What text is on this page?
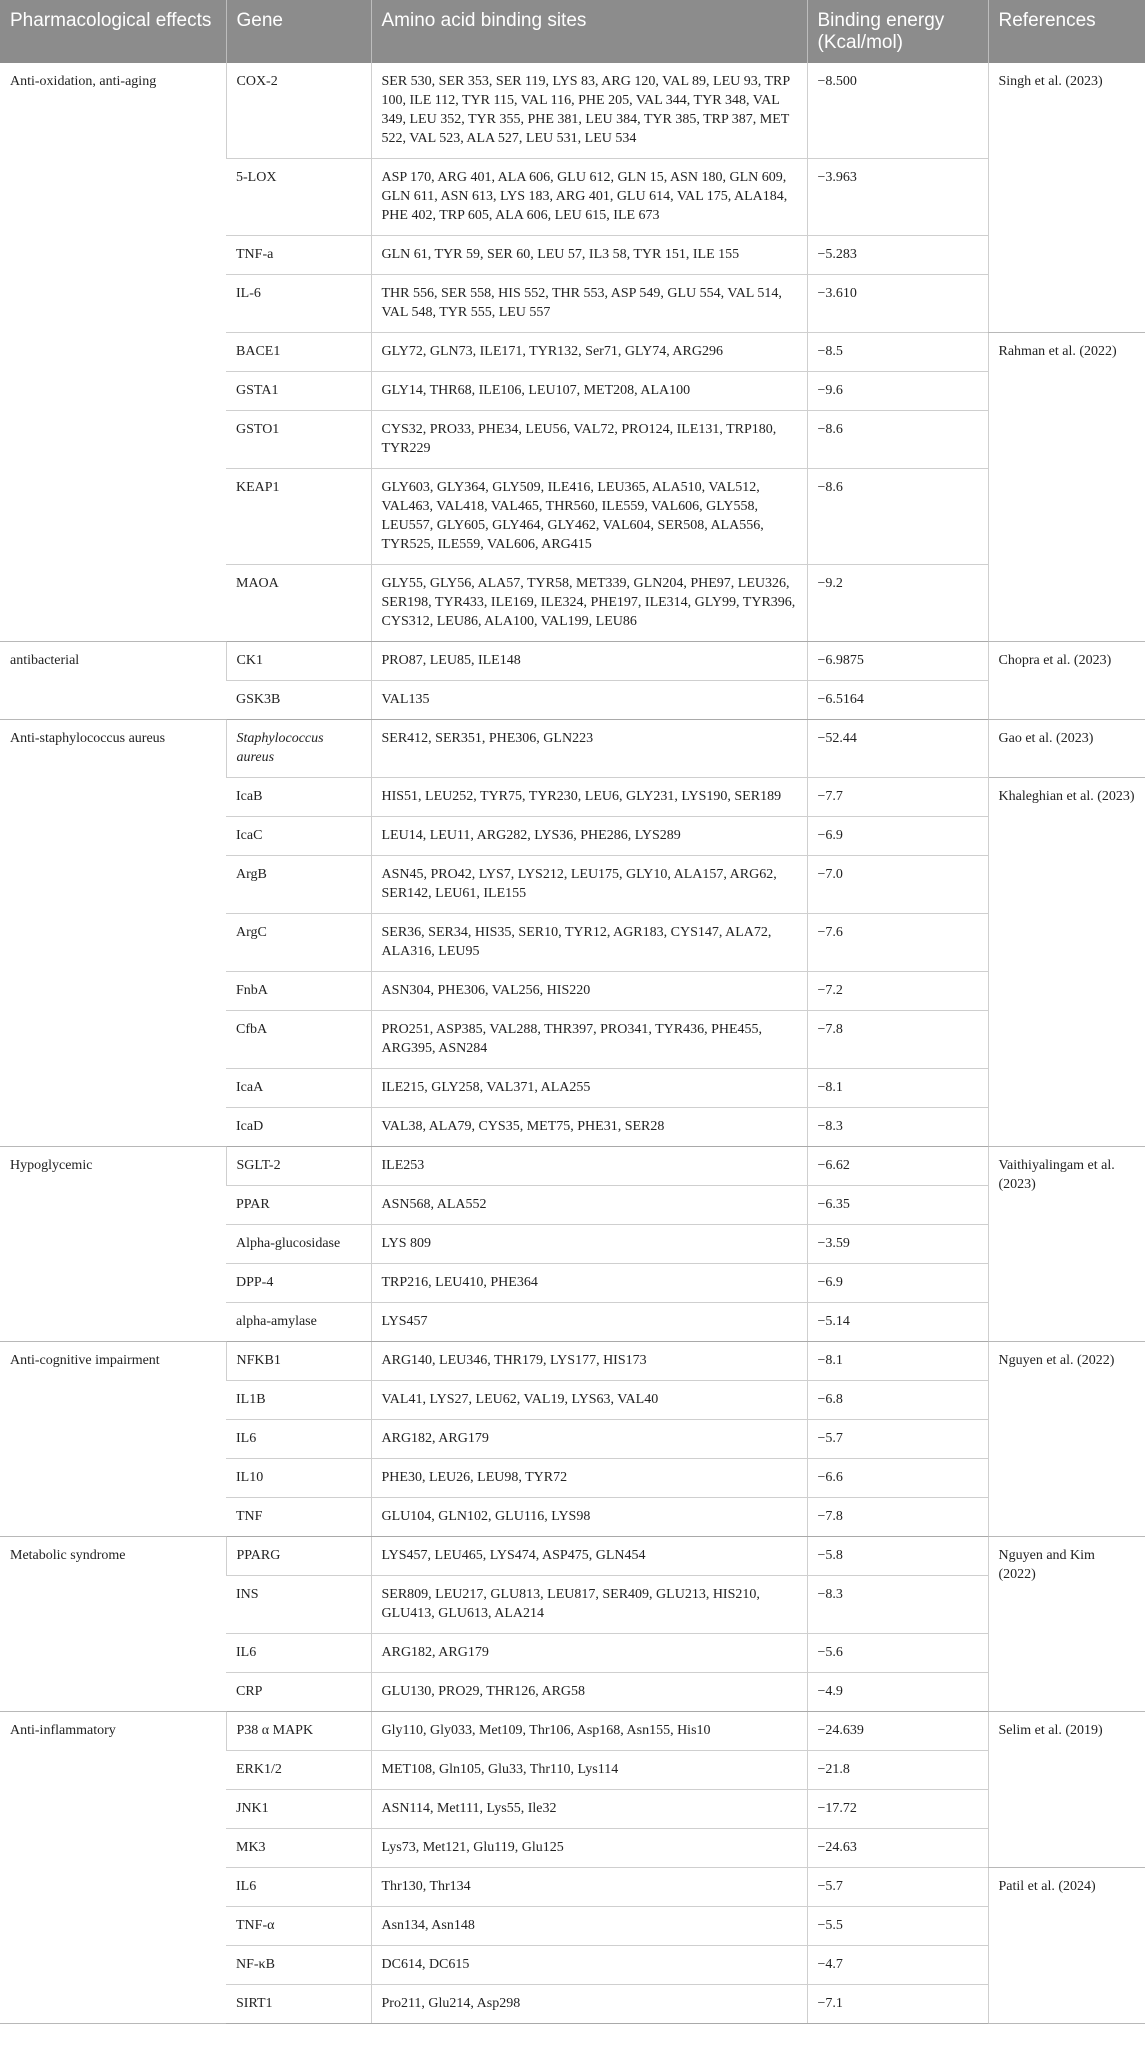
Pharmacological effects	Gene	Amino acid binding sites	Binding energy (Kcal/mol)	References
Anti-oxidation, anti-aging	COX-2	SER 530, SER 353, SER 119, LYS 83, ARG 120, VAL 89, LEU 93, TRP 100, ILE 112, TYR 115, VAL 116, PHE 205, VAL 344, TYR 348, VAL 349, LEU 352, TYR 355, PHE 381, LEU 384, TYR 385, TRP 387, MET 522, VAL 523, ALA 527, LEU 531, LEU 534	−8.500	Singh et al. (2023)
	5-LOX	ASP 170, ARG 401, ALA 606, GLU 612, GLN 15, ASN 180, GLN 609, GLN 611, ASN 613, LYS 183, ARG 401, GLU 614, VAL 175, ALA184, PHE 402, TRP 605, ALA 606, LEU 615, ILE 673	−3.963	
	TNF-a	GLN 61, TYR 59, SER 60, LEU 57, IL3 58, TYR 151, ILE 155	−5.283	
	IL-6	THR 556, SER 558, HIS 552, THR 553, ASP 549, GLU 554, VAL 514, VAL 548, TYR 555, LEU 557	−3.610	
	BACE1	GLY72, GLN73, ILE171, TYR132, Ser71, GLY74, ARG296	−8.5	Rahman et al. (2022)
	GSTA1	GLY14, THR68, ILE106, LEU107, MET208, ALA100	−9.6	
	GSTO1	CYS32, PRO33, PHE34, LEU56, VAL72, PRO124, ILE131, TRP180, TYR229	−8.6	
	KEAP1	GLY603, GLY364, GLY509, ILE416, LEU365, ALA510, VAL512, VAL463, VAL418, VAL465, THR560, ILE559, VAL606, GLY558, LEU557, GLY605, GLY464, GLY462, VAL604, SER508, ALA556, TYR525, ILE559, VAL606, ARG415	−8.6	
	MAOA	GLY55, GLY56, ALA57, TYR58, MET339, GLN204, PHE97, LEU326, SER198, TYR433, ILE169, ILE324, PHE197, ILE314, GLY99, TYR396, CYS312, LEU86, ALA100, VAL199, LEU86	−9.2	
antibacterial	CK1	PRO87, LEU85, ILE148	−6.9875	Chopra et al. (2023)
	GSK3B	VAL135	−6.5164	
Anti-staphylococcus aureus	Staphylococcus aureus	SER412, SER351, PHE306, GLN223	−52.44	Gao et al. (2023)
	IcaB	HIS51, LEU252, TYR75, TYR230, LEU6, GLY231, LYS190, SER189	−7.7	Khaleghian et al. (2023)
	IcaC	LEU14, LEU11, ARG282, LYS36, PHE286, LYS289	−6.9	
	ArgB	ASN45, PRO42, LYS7, LYS212, LEU175, GLY10, ALA157, ARG62, SER142, LEU61, ILE155	−7.0	
	ArgC	SER36, SER34, HIS35, SER10, TYR12, AGR183, CYS147, ALA72, ALA316, LEU95	−7.6	
	FnbA	ASN304, PHE306, VAL256, HIS220	−7.2	
	CfbA	PRO251, ASP385, VAL288, THR397, PRO341, TYR436, PHE455, ARG395, ASN284	−7.8	
	IcaA	ILE215, GLY258, VAL371, ALA255	−8.1	
	IcaD	VAL38, ALA79, CYS35, MET75, PHE31, SER28	−8.3	
Hypoglycemic	SGLT-2	ILE253	−6.62	Vaithiyalingam et al. (2023)
	PPAR	ASN568, ALA552	−6.35	
	Alpha-glucosidase	LYS 809	−3.59	
	DPP-4	TRP216, LEU410, PHE364	−6.9	
	alpha-amylase	LYS457	−5.14	
Anti-cognitive impairment	NFKB1	ARG140, LEU346, THR179, LYS177, HIS173	−8.1	Nguyen et al. (2022)
	IL1B	VAL41, LYS27, LEU62, VAL19, LYS63, VAL40	−6.8	
	IL6	ARG182, ARG179	−5.7	
	IL10	PHE30, LEU26, LEU98, TYR72	−6.6	
	TNF	GLU104, GLN102, GLU116, LYS98	−7.8	
Metabolic syndrome	PPARG	LYS457, LEU465, LYS474, ASP475, GLN454	−5.8	Nguyen and Kim (2022)
	INS	SER809, LEU217, GLU813, LEU817, SER409, GLU213, HIS210, GLU413, GLU613, ALA214	−8.3	
	IL6	ARG182, ARG179	−5.6	
	CRP	GLU130, PRO29, THR126, ARG58	−4.9	
Anti-inflammatory	P38 α MAPK	Gly110, Gly033, Met109, Thr106, Asp168, Asn155, His10	−24.639	Selim et al. (2019)
	ERK1/2	MET108, Gln105, Glu33, Thr110, Lys114	−21.8	
	JNK1	ASN114, Met111, Lys55, Ile32	−17.72	
	MK3	Lys73, Met121, Glu119, Glu125	−24.63	
	IL6	Thr130, Thr134	−5.7	Patil et al. (2024)
	TNF-α	Asn134, Asn148	−5.5	
	NF-κB	DC614, DC615	−4.7	
	SIRT1	Pro211, Glu214, Asp298	−7.1	
